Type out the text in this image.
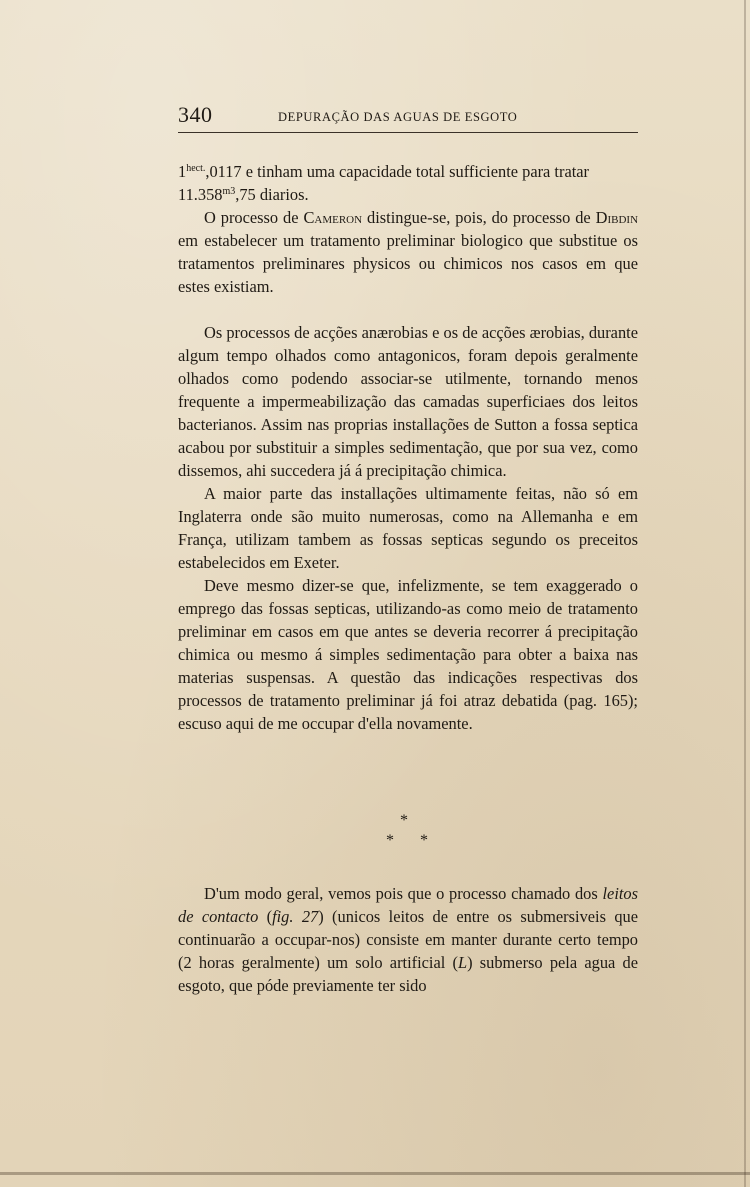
340	DEPURAÇÃO DAS AGUAS DE ESGOTO

$1^{hect.},0117$ e tinham uma capacidade total sufficiente para tratar
$11.358^{m3},75$ diarios.

O processo de Cameron distingue-se, pois, do processo de Dibdin em estabelecer um tratamento preliminar biologico que substitue os tratamentos preliminares physicos ou chimicos nos casos em que estes existiam.

Os processos de acções anærobias e os de acções ærobias, durante algum tempo olhados como antagonicos, foram depois geralmente olhados como podendo associar-se utilmente, tornando menos frequente a impermeabilização das camadas superficiaes dos leitos bacterianos. Assim nas proprias installações de Sutton a fossa septica acabou por substituir a simples sedimentação, que por sua vez, como dissemos, ahi succedera já á precipitação chimica.

A maior parte das installações ultimamente feitas, não só em Inglaterra onde são muito numerosas, como na Allemanha e em França, utilizam tambem as fossas septicas segundo os preceitos estabelecidos em Exeter.

Deve mesmo dizer-se que, infelizmente, se tem exaggerado o emprego das fossas septicas, utilizando-as como meio de tratamento preliminar em casos em que antes se deveria recorrer á precipitação chimica ou mesmo á simples sedimentação para obter a baixa nas materias suspensas. A questão das indicações respectivas dos processos de tratamento preliminar já foi atraz debatida (pag. 165); escuso aqui de me occupar d'ella novamente.

*
* *

D'um modo geral, vemos pois que o processo chamado dos leitos de contacto (fig. 27) (unicos leitos de entre os submersiveis que continuarão a occupar-nos) consiste em manter durante certo tempo (2 horas geralmente) um solo artificial (L) submerso pela agua de esgoto, que póde previamente ter sido
